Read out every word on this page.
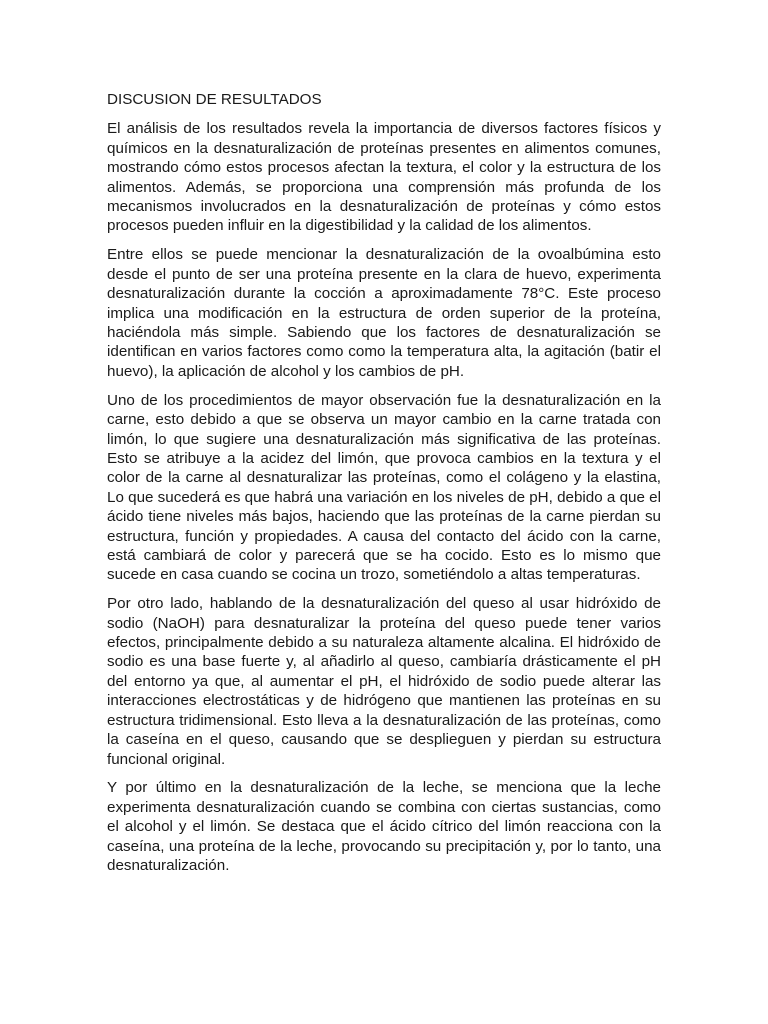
DISCUSION DE RESULTADOS

El análisis de los resultados revela la importancia de diversos factores físicos y químicos en la desnaturalización de proteínas presentes en alimentos comunes, mostrando cómo estos procesos afectan la textura, el color y la estructura de los alimentos. Además, se proporciona una comprensión más profunda de los mecanismos involucrados en la desnaturalización de proteínas y cómo estos procesos pueden influir en la digestibilidad y la calidad de los alimentos.

Entre ellos se puede mencionar la desnaturalización de la ovoalbúmina esto desde el punto de ser una proteína presente en la clara de huevo, experimenta desnaturalización durante la cocción a aproximadamente 78°C. Este proceso implica una modificación en la estructura de orden superior de la proteína, haciéndola más simple. Sabiendo que los factores de desnaturalización se identifican en varios factores como como la temperatura alta, la agitación (batir el huevo), la aplicación de alcohol y los cambios de pH.

Uno de los procedimientos de mayor observación fue la desnaturalización en la carne, esto debido a que se observa un mayor cambio en la carne tratada con limón, lo que sugiere una desnaturalización más significativa de las proteínas. Esto se atribuye a la acidez del limón, que provoca cambios en la textura y el color de la carne al desnaturalizar las proteínas, como el colágeno y la elastina, Lo que sucederá es que habrá una variación en los niveles de pH, debido a que el ácido tiene niveles más bajos, haciendo que las proteínas de la carne pierdan su estructura, función y propiedades. A causa del contacto del ácido con la carne, está cambiará de color y parecerá que se ha cocido. Esto es lo mismo que sucede en casa cuando se cocina un trozo, sometiéndolo a altas temperaturas.

Por otro lado, hablando de la desnaturalización del queso al usar hidróxido de sodio (NaOH) para desnaturalizar la proteína del queso puede tener varios efectos, principalmente debido a su naturaleza altamente alcalina. El hidróxido de sodio es una base fuerte y, al añadirlo al queso, cambiaría drásticamente el pH del entorno ya que, al aumentar el pH, el hidróxido de sodio puede alterar las interacciones electrostáticas y de hidrógeno que mantienen las proteínas en su estructura tridimensional. Esto lleva a la desnaturalización de las proteínas, como la caseína en el queso, causando que se desplieguen y pierdan su estructura funcional original.

Y por último en la desnaturalización de la leche, se menciona que la leche experimenta desnaturalización cuando se combina con ciertas sustancias, como el alcohol y el limón. Se destaca que el ácido cítrico del limón reacciona con la caseína, una proteína de la leche, provocando su precipitación y, por lo tanto, una desnaturalización.
